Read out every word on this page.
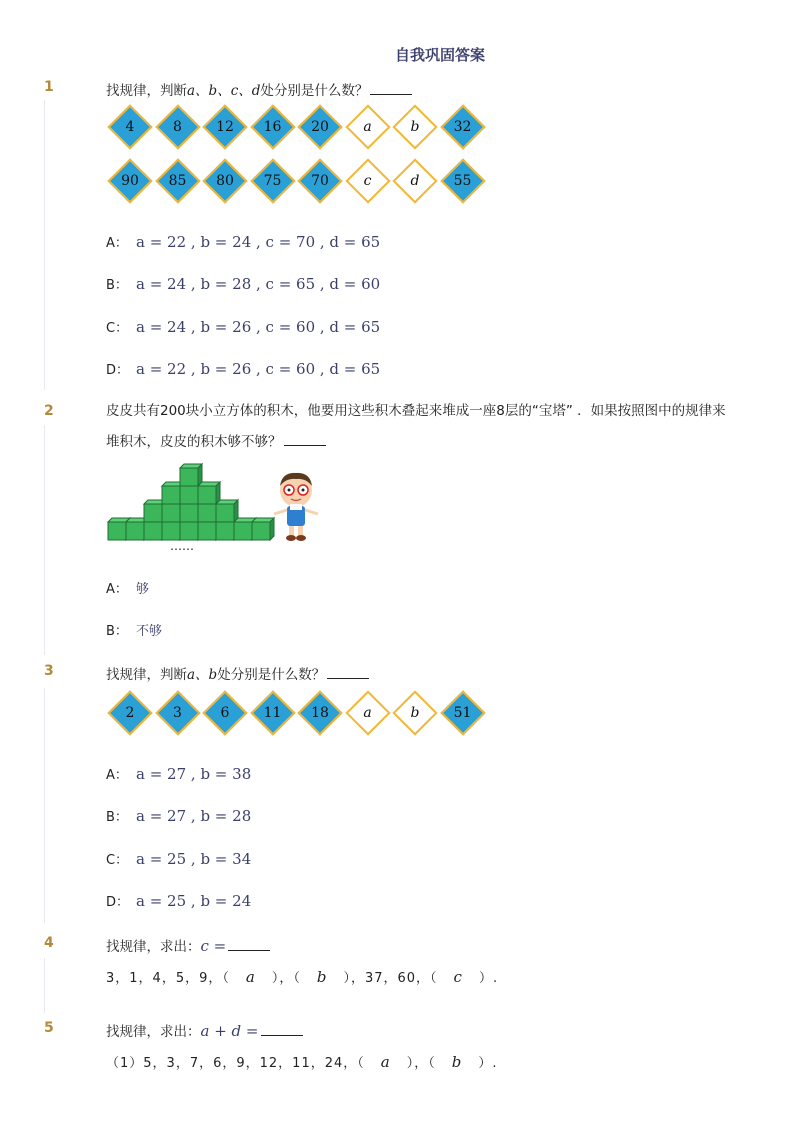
自我巩固答案
1	找规律，判断a、b、c、d处分别是什么数？
4	8	12	16	20	a	b	32
90	85	80	75	70	c	d	55
A： a = 22 , b = 24 , c = 70 , d = 65
B： a = 24 , b = 28 , c = 65 , d = 60
C： a = 24 , b = 26 , c = 60 , d = 65
D： a = 22 , b = 26 , c = 60 , d = 65
2	皮皮共有200块小立方体的积木，他要用这些积木叠起来堆成一座8层的“宝塔” ．如果按照图中的规律来堆积木，皮皮的积木够不够？
……
A： 够
B： 不够
3	找规律，判断a、b处分别是什么数？
2	3	6	11	18	a	b	51
A： a = 27 , b = 38
B： a = 27 , b = 28
C： a = 25 , b = 34
D： a = 25 , b = 24
4	找规律，求出：c =
3，1，4，5，9，（ a ），（ b ），37，60，（ c ）.
5	找规律，求出：a + d =
（1）5，3，7，6，9，12，11，24，（ a ），（ b ）.
